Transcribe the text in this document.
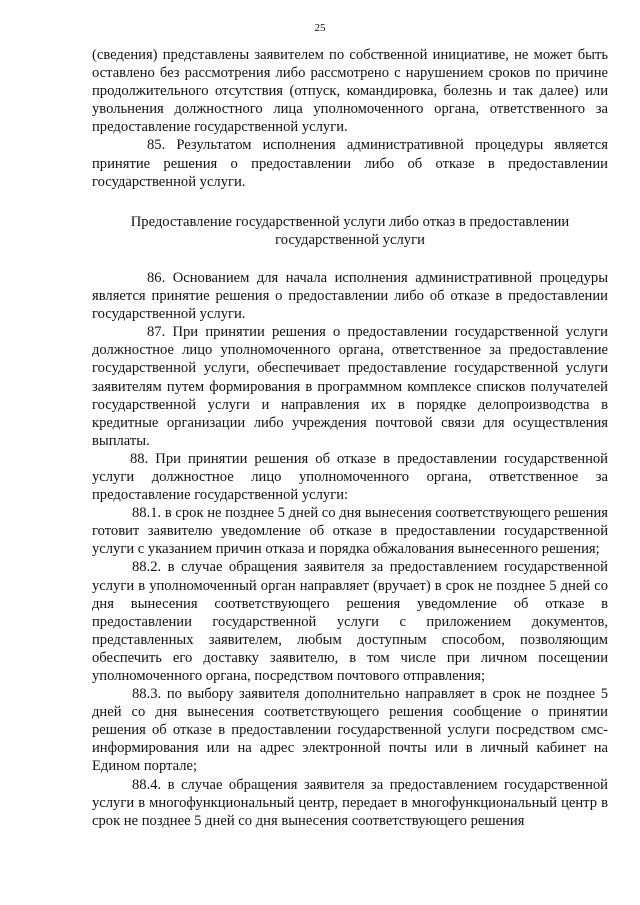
25

(сведения) представлены заявителем по собственной инициативе, не может быть оставлено без рассмотрения либо рассмотрено с нарушением сроков по причине продолжительного отсутствия (отпуск, командировка, болезнь и так далее) или увольнения должностного лица уполномоченного органа, ответственного за предоставление государственной услуги.

85. Результатом исполнения административной процедуры является принятие решения о предоставлении либо об отказе в предоставлении государственной услуги.

Предоставление государственной услуги либо отказ в предоставлении
государственной услуги

86. Основанием для начала исполнения административной процедуры является принятие решения о предоставлении либо об отказе в предоставлении государственной услуги.

87. При принятии решения о предоставлении государственной услуги должностное лицо уполномоченного органа, ответственное за предоставление государственной услуги, обеспечивает предоставление государственной услуги заявителям путем формирования в программном комплексе списков получателей государственной услуги и направления их в порядке делопроизводства в кредитные организации либо учреждения почтовой связи для осуществления выплаты.

88. При принятии решения об отказе в предоставлении государственной услуги должностное лицо уполномоченного органа, ответственное за предоставление государственной услуги:

88.1. в срок не позднее 5 дней со дня вынесения соответствующего решения готовит заявителю уведомление об отказе в предоставлении государственной услуги с указанием причин отказа и порядка обжалования вынесенного решения;

88.2. в случае обращения заявителя за предоставлением государственной услуги в уполномоченный орган направляет (вручает) в срок не позднее 5 дней со дня вынесения соответствующего решения уведомление об отказе в предоставлении государственной услуги с приложением документов, представленных заявителем, любым доступным способом, позволяющим обеспечить его доставку заявителю, в том числе при личном посещении уполномоченного органа, посредством почтового отправления;

88.3. по выбору заявителя дополнительно направляет в срок не позднее 5 дней со дня вынесения соответствующего решения сообщение о принятии решения об отказе в предоставлении государственной услуги посредством смс-информирования или на адрес электронной почты или в личный кабинет на Едином портале;

88.4. в случае обращения заявителя за предоставлением государственной услуги в многофункциональный центр, передает в многофункциональный центр в срок не позднее 5 дней со дня вынесения соответствующего решения
